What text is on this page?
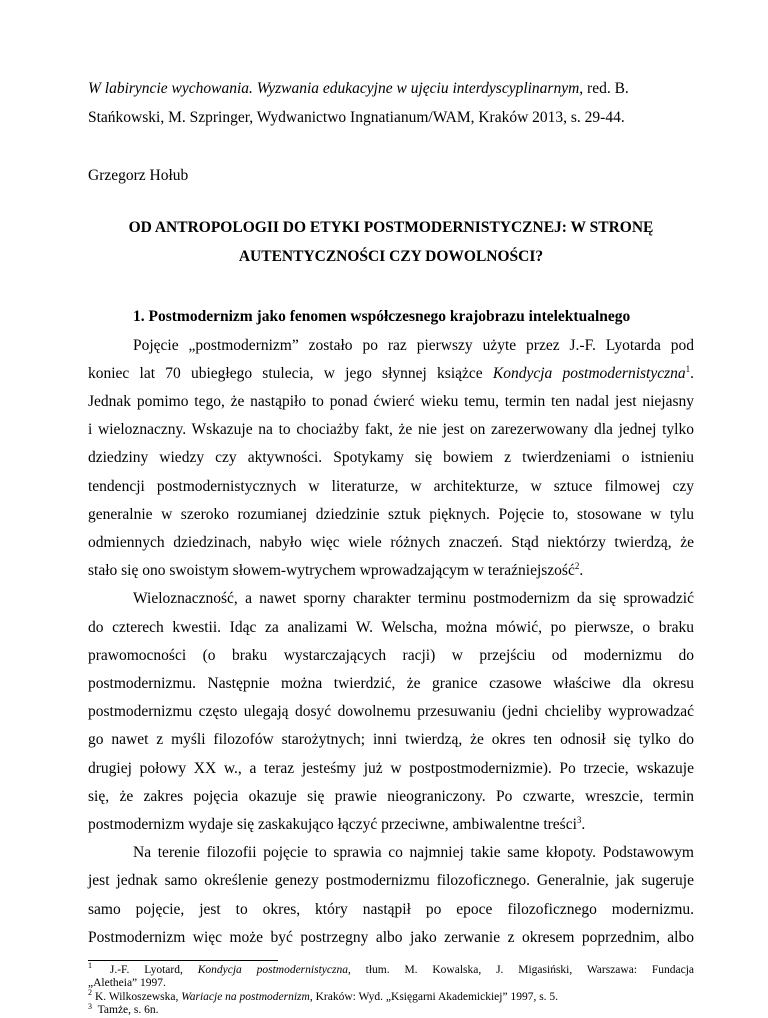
W labiryncie wychowania. Wyzwania edukacyjne w ujęciu interdyscyplinarnym, red. B.
Stańkowski, M. Szpringer, Wydwanictwo Ingnatianum/WAM, Kraków 2013, s. 29-44.
Grzegorz Hołub
OD ANTROPOLOGII DO ETYKI POSTMODERNISTYCZNEJ: W STRONĘ
AUTENTYCZNOŚCI CZY DOWOLNOŚCI?
1. Postmodernizm jako fenomen współczesnego krajobrazu intelektualnego
Pojęcie „postmodernizm” zostało po raz pierwszy użyte przez J.-F. Lyotarda pod
koniec lat 70 ubiegłego stulecia, w jego słynnej książce Kondycja postmodernistyczna$^1$.
Jednak pomimo tego, że nastąpiło to ponad ćwierć wieku temu, termin ten nadal jest niejasny
i wieloznaczny. Wskazuje na to chociażby fakt, że nie jest on zarezerwowany dla jednej tylko
dziedziny wiedzy czy aktywności. Spotykamy się bowiem z twierdzeniami o istnieniu
tendencji postmodernistycznych w literaturze, w architekturze, w sztuce filmowej czy
generalnie w szeroko rozumianej dziedzinie sztuk pięknych. Pojęcie to, stosowane w tylu
odmiennych dziedzinach, nabyło więc wiele różnych znaczeń. Stąd niektórzy twierdzą, że
stało się ono swoistym słowem-wytrychem wprowadzającym w teraźniejszość$^2$.
Wieloznaczność, a nawet sporny charakter terminu postmodernizm da się sprowadzić
do czterech kwestii. Idąc za analizami W. Welscha, można mówić, po pierwsze, o braku
prawomocności (o braku wystarczających racji) w przejściu od modernizmu do
postmodernizmu. Następnie można twierdzić, że granice czasowe właściwe dla okresu
postmodernizmu często ulegają dosyć dowolnemu przesuwaniu (jedni chcieliby wyprowadzać
go nawet z myśli filozofów starożytnych; inni twierdzą, że okres ten odnosił się tylko do
drugiej połowy XX w., a teraz jesteśmy już w postpostmodernizmie). Po trzecie, wskazuje
się, że zakres pojęcia okazuje się prawie nieograniczony. Po czwarte, wreszcie, termin
postmodernizm wydaje się zaskakująco łączyć przeciwne, ambiwalentne treści$^3$.
Na terenie filozofii pojęcie to sprawia co najmniej takie same kłopoty. Podstawowym
jest jednak samo określenie genezy postmodernizmu filozoficznego. Generalnie, jak sugeruje
samo pojęcie, jest to okres, który nastąpił po epoce filozoficznego modernizmu.
Postmodernizm więc może być postrzegny albo jako zerwanie z okresem poprzednim, albo
$^1$ J.-F. Lyotard, Kondycja postmodernistyczna, tłum. M. Kowalska, J. Migasiński, Warszawa: Fundacja
„Aletheia” 1997.
$^2$ K. Wilkoszewska, Wariacje na postmodernizm, Kraków: Wyd. „Księgarni Akademickiej” 1997, s. 5.
$^3$ Tamże, s. 6n.
